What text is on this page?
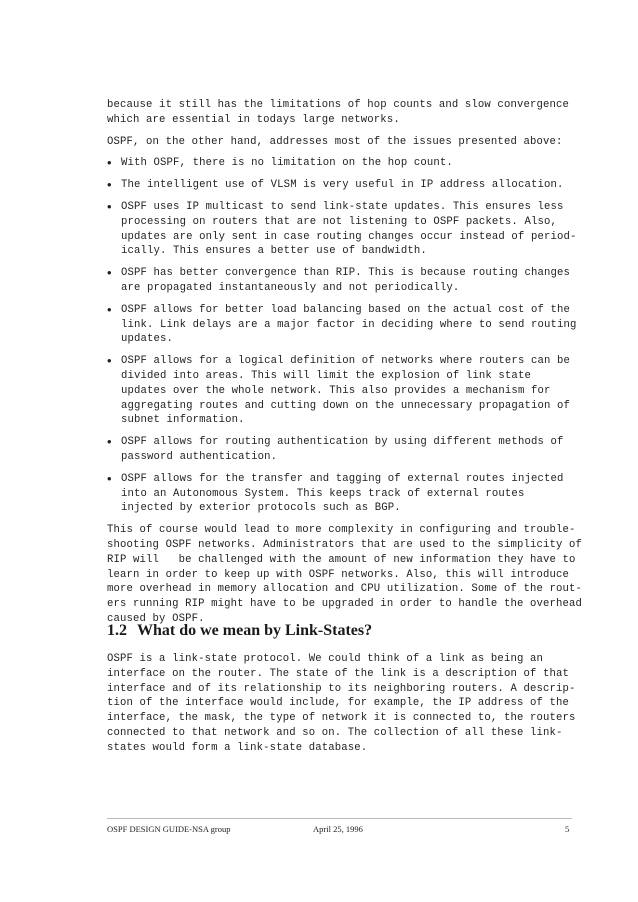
because it still has the limitations of hop counts and slow convergence

which are essential in todays large networks.

OSPF, on the other hand, addresses most of the issues presented above:

• With OSPF, there is no limitation on the hop count.
• The intelligent use of VLSM is very useful in IP address allocation.
• OSPF uses IP multicast to send link-state updates. This ensures less
processing on routers that are not listening to OSPF packets. Also,
updates are only sent in case routing changes occur instead of period-
ically. This ensures a better use of bandwidth.
• OSPF has better convergence than RIP. This is because routing changes
are propagated instantaneously and not periodically.
• OSPF allows for better load balancing based on the actual cost of the
link. Link delays are a major factor in deciding where to send routing
updates.
• OSPF allows for a logical definition of networks where routers can be
divided into areas. This will limit the explosion of link state
updates over the whole network. This also provides a mechanism for
aggregating routes and cutting down on the unnecessary propagation of
subnet information.
• OSPF allows for routing authentication by using different methods of
password authentication.
• OSPF allows for the transfer and tagging of external routes injected
into an Autonomous System. This keeps track of external routes
injected by exterior protocols such as BGP.

This of course would lead to more complexity in configuring and trouble-

shooting OSPF networks. Administrators that are used to the simplicity of

RIP will   be challenged with the amount of new information they have to

learn in order to keep up with OSPF networks. Also, this will introduce

more overhead in memory allocation and CPU utilization. Some of the rout-

ers running RIP might have to be upgraded in order to handle the overhead

caused by OSPF.

1.2 What do we mean by Link-States?

OSPF is a link-state protocol. We could think of a link as being an

interface on the router. The state of the link is a description of that

interface and of its relationship to its neighboring routers. A descrip-

tion of the interface would include, for example, the IP address of the

interface, the mask, the type of network it is connected to, the routers

connected to that network and so on. The collection of all these link-

states would form a link-state database.

OSPF DESIGN GUIDE-NSA group	April 25, 1996	5
